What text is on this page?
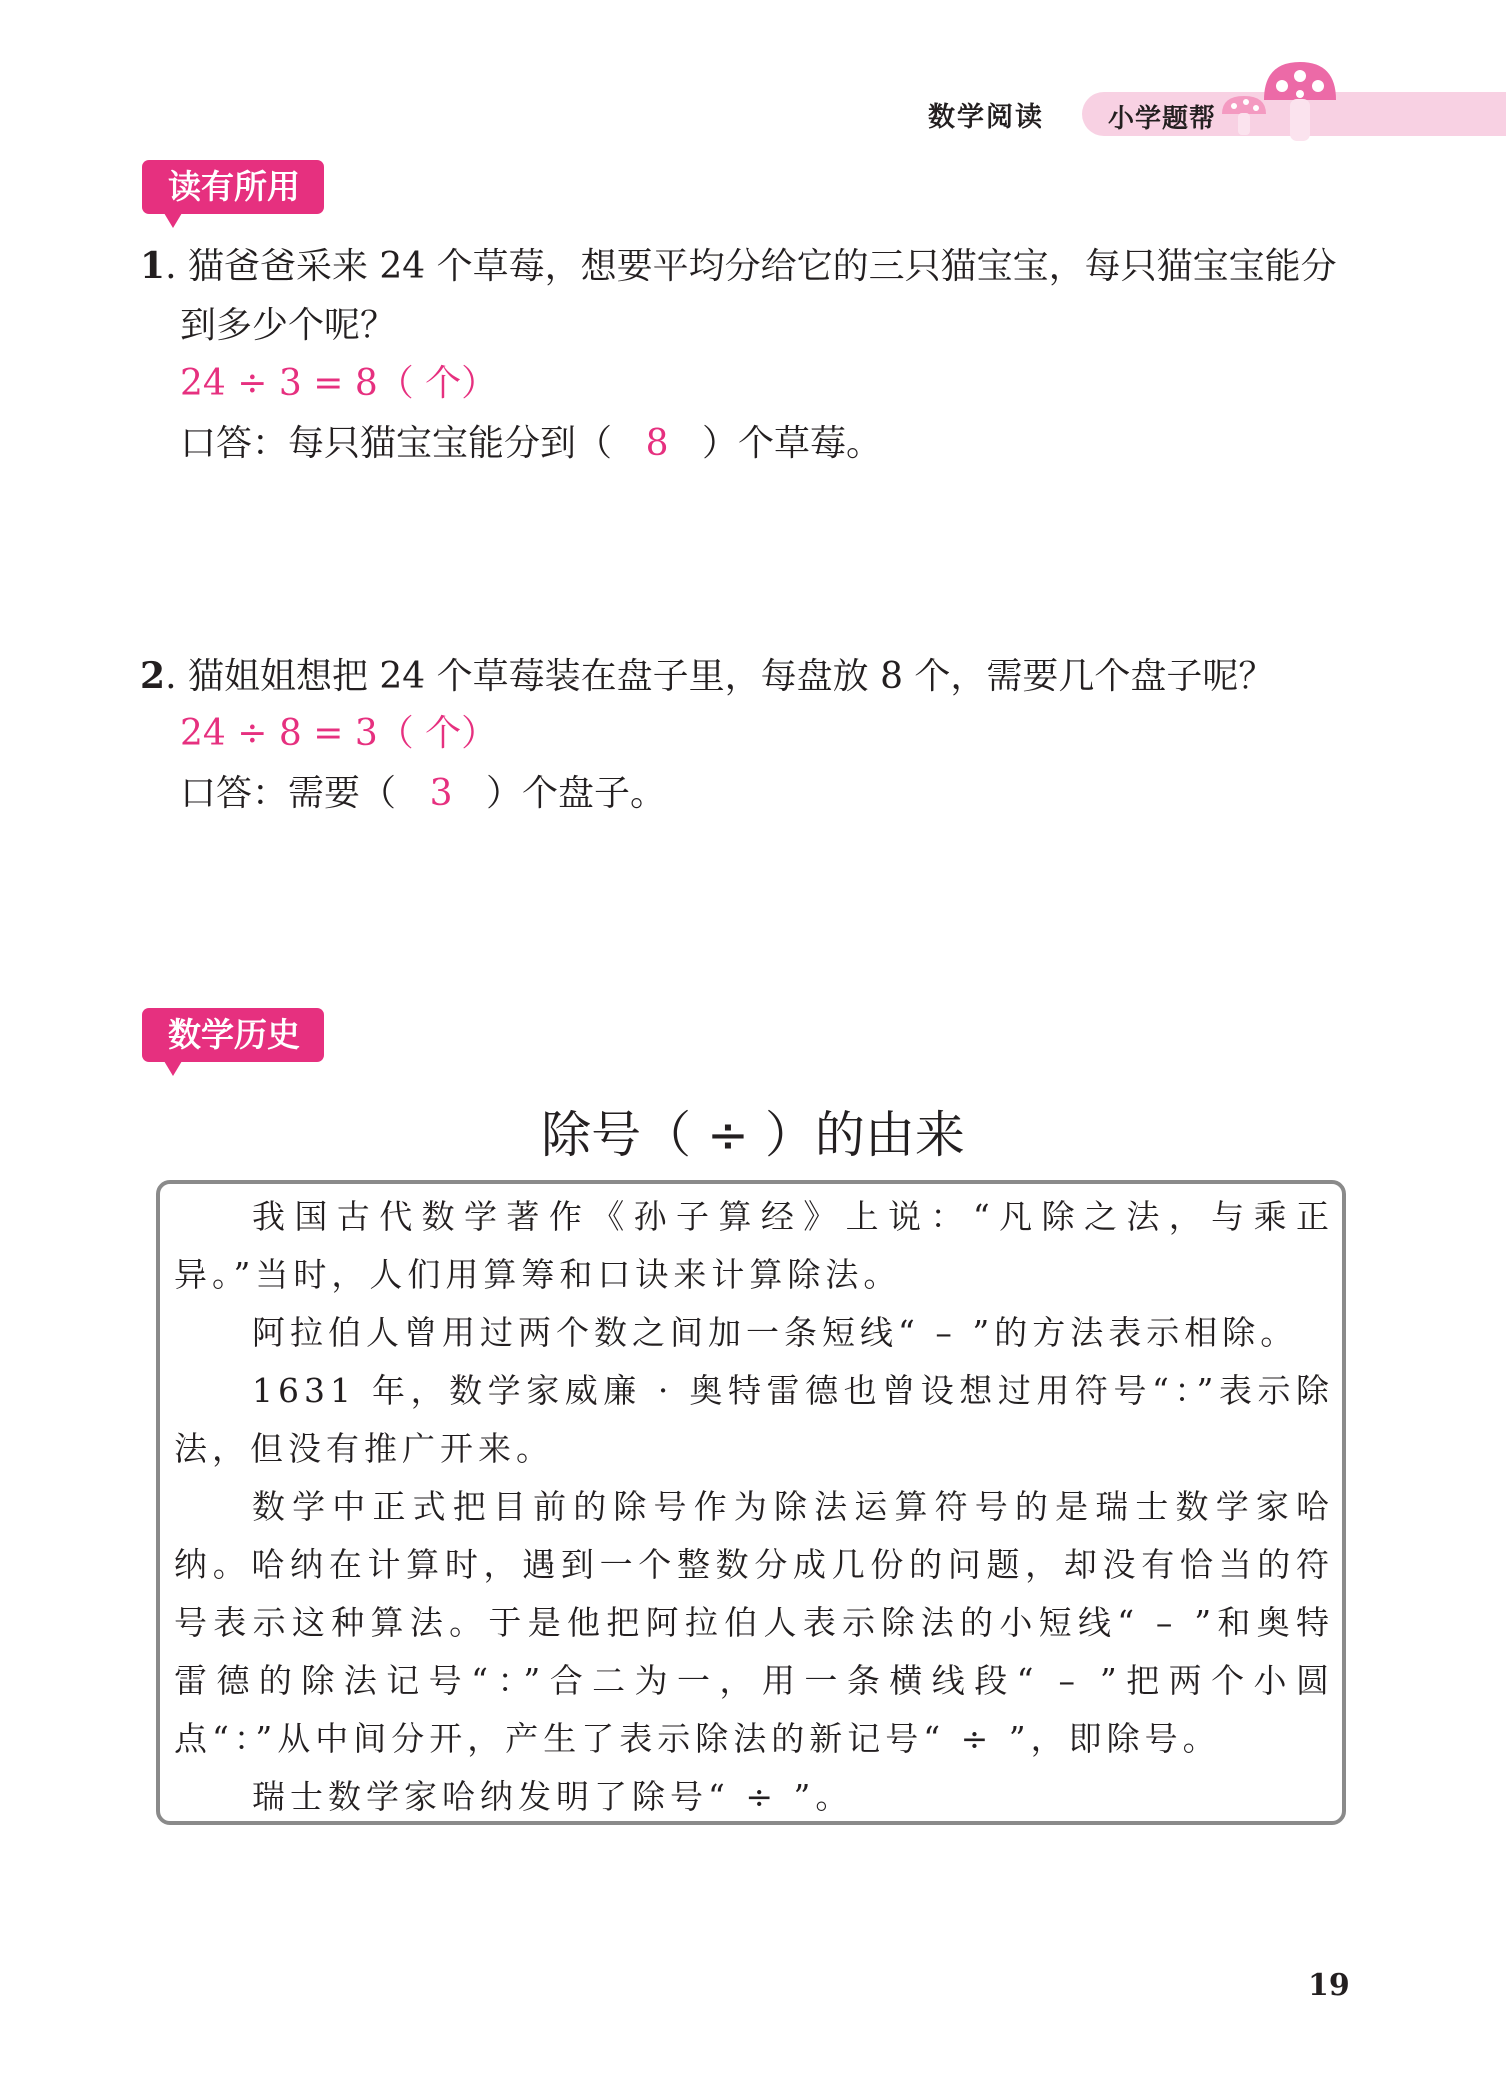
数学阅读 小学题帮
读有所用
1. 猫爸爸采来 24 个草莓，想要平均分给它的三只猫宝宝，每只猫宝宝能分
到多少个呢？
24 ÷ 3 = 8（ 个）
口答：每只猫宝宝能分到（ 8 ）个草莓。
2. 猫姐姐想把 24 个草莓装在盘子里，每盘放 8 个，需要几个盘子呢？
24 ÷ 8 = 3（ 个）
口答：需要（ 3 ）个盘子。
数学历史
除号（ ÷ ）的由来
我国古代数学著作《孙子算经》上说：“凡除之法，与乘正异。”当时，人们用算筹和口诀来计算除法。
阿拉伯人曾用过两个数之间加一条短线“ – ”的方法表示相除。
1631 年，数学家威廉 · 奥特雷德也曾设想过用符号“：”表示除法，但没有推广开来。
数学中正式把目前的除号作为除法运算符号的是瑞士数学家哈纳。哈纳在计算时，遇到一个整数分成几份的问题，却没有恰当的符号表示这种算法。于是他把阿拉伯人表示除法的小短线“ – ”和奥特雷德的除法记号“：”合二为一，用一条横线段“ – ”把两个小圆点“：”从中间分开，产生了表示除法的新记号“ ÷ ”，即除号。
瑞士数学家哈纳发明了除号“ ÷ ”。
19
